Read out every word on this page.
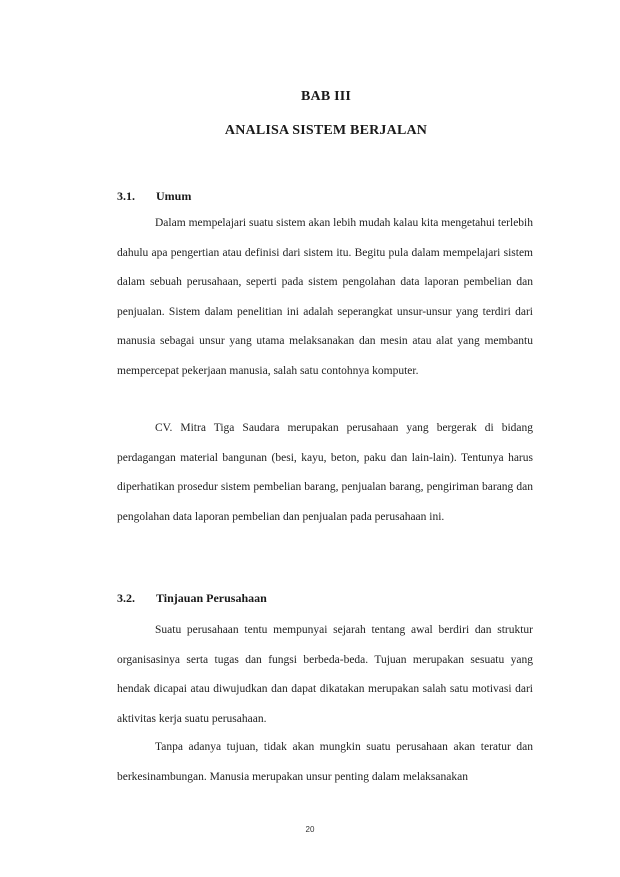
BAB III
ANALISA SISTEM BERJALAN
3.1. Umum

Dalam mempelajari suatu sistem akan lebih mudah kalau kita mengetahui terlebih dahulu apa pengertian atau definisi dari sistem itu. Begitu pula dalam mempelajari sistem dalam sebuah perusahaan, seperti pada sistem pengolahan data laporan pembelian dan penjualan. Sistem dalam penelitian ini adalah seperangkat unsur-unsur yang terdiri dari manusia sebagai unsur yang utama melaksanakan dan mesin atau alat yang membantu mempercepat pekerjaan manusia, salah satu contohnya komputer.

CV. Mitra Tiga Saudara merupakan perusahaan yang bergerak di bidang perdagangan material bangunan (besi, kayu, beton, paku dan lain-lain). Tentunya harus diperhatikan prosedur sistem pembelian barang, penjualan barang, pengiriman barang dan pengolahan data laporan pembelian dan penjualan pada perusahaan ini.

3.2. Tinjauan Perusahaan

Suatu perusahaan tentu mempunyai sejarah tentang awal berdiri dan struktur organisasinya serta tugas dan fungsi berbeda-beda. Tujuan merupakan sesuatu yang hendak dicapai atau diwujudkan dan dapat dikatakan merupakan salah satu motivasi dari aktivitas kerja suatu perusahaan.

Tanpa adanya tujuan, tidak akan mungkin suatu perusahaan akan teratur dan berkesinambungan. Manusia merupakan unsur penting dalam melaksanakan

20
